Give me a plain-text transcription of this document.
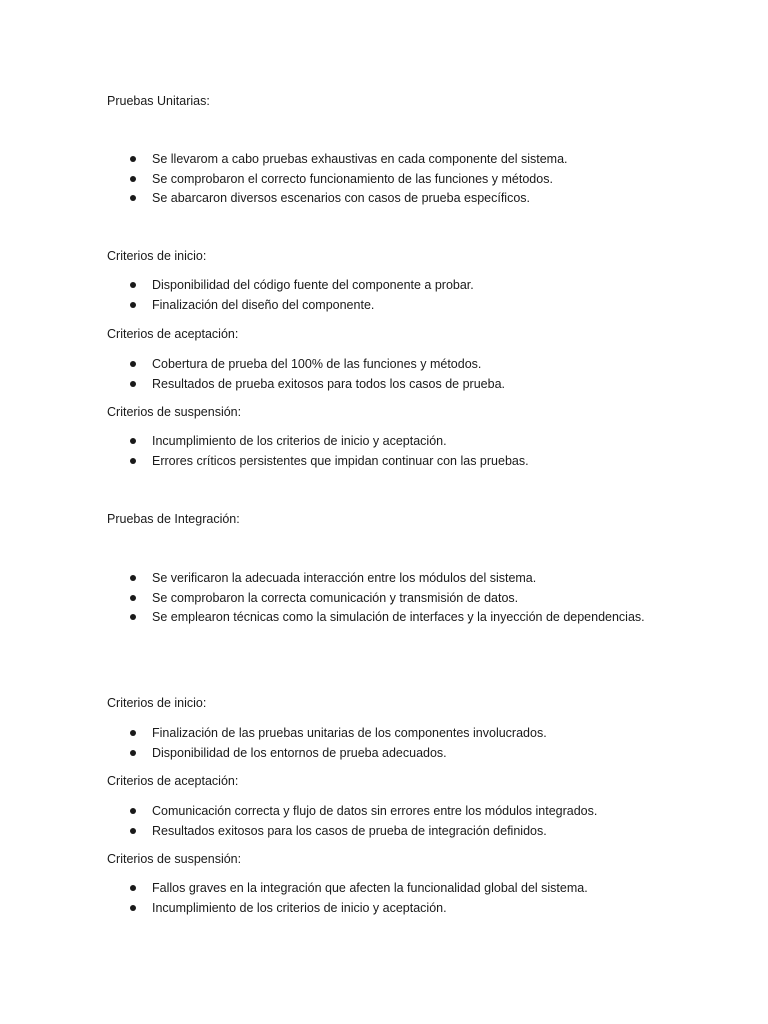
Pruebas Unitarias:
Se llevarom a cabo pruebas exhaustivas en cada componente del sistema.
Se comprobaron el correcto funcionamiento de las funciones y métodos.
Se abarcaron diversos escenarios con casos de prueba específicos.
Criterios de inicio:
Disponibilidad del código fuente del componente a probar.
Finalización del diseño del componente.
Criterios de aceptación:
Cobertura de prueba del 100% de las funciones y métodos.
Resultados de prueba exitosos para todos los casos de prueba.
Criterios de suspensión:
Incumplimiento de los criterios de inicio y aceptación.
Errores críticos persistentes que impidan continuar con las pruebas.
Pruebas de Integración:
Se verificaron la adecuada interacción entre los módulos del sistema.
Se comprobaron la correcta comunicación y transmisión de datos.
Se emplearon técnicas como la simulación de interfaces y la inyección de dependencias.
Criterios de inicio:
Finalización de las pruebas unitarias de los componentes involucrados.
Disponibilidad de los entornos de prueba adecuados.
Criterios de aceptación:
Comunicación correcta y flujo de datos sin errores entre los módulos integrados.
Resultados exitosos para los casos de prueba de integración definidos.
Criterios de suspensión:
Fallos graves en la integración que afecten la funcionalidad global del sistema.
Incumplimiento de los criterios de inicio y aceptación.
